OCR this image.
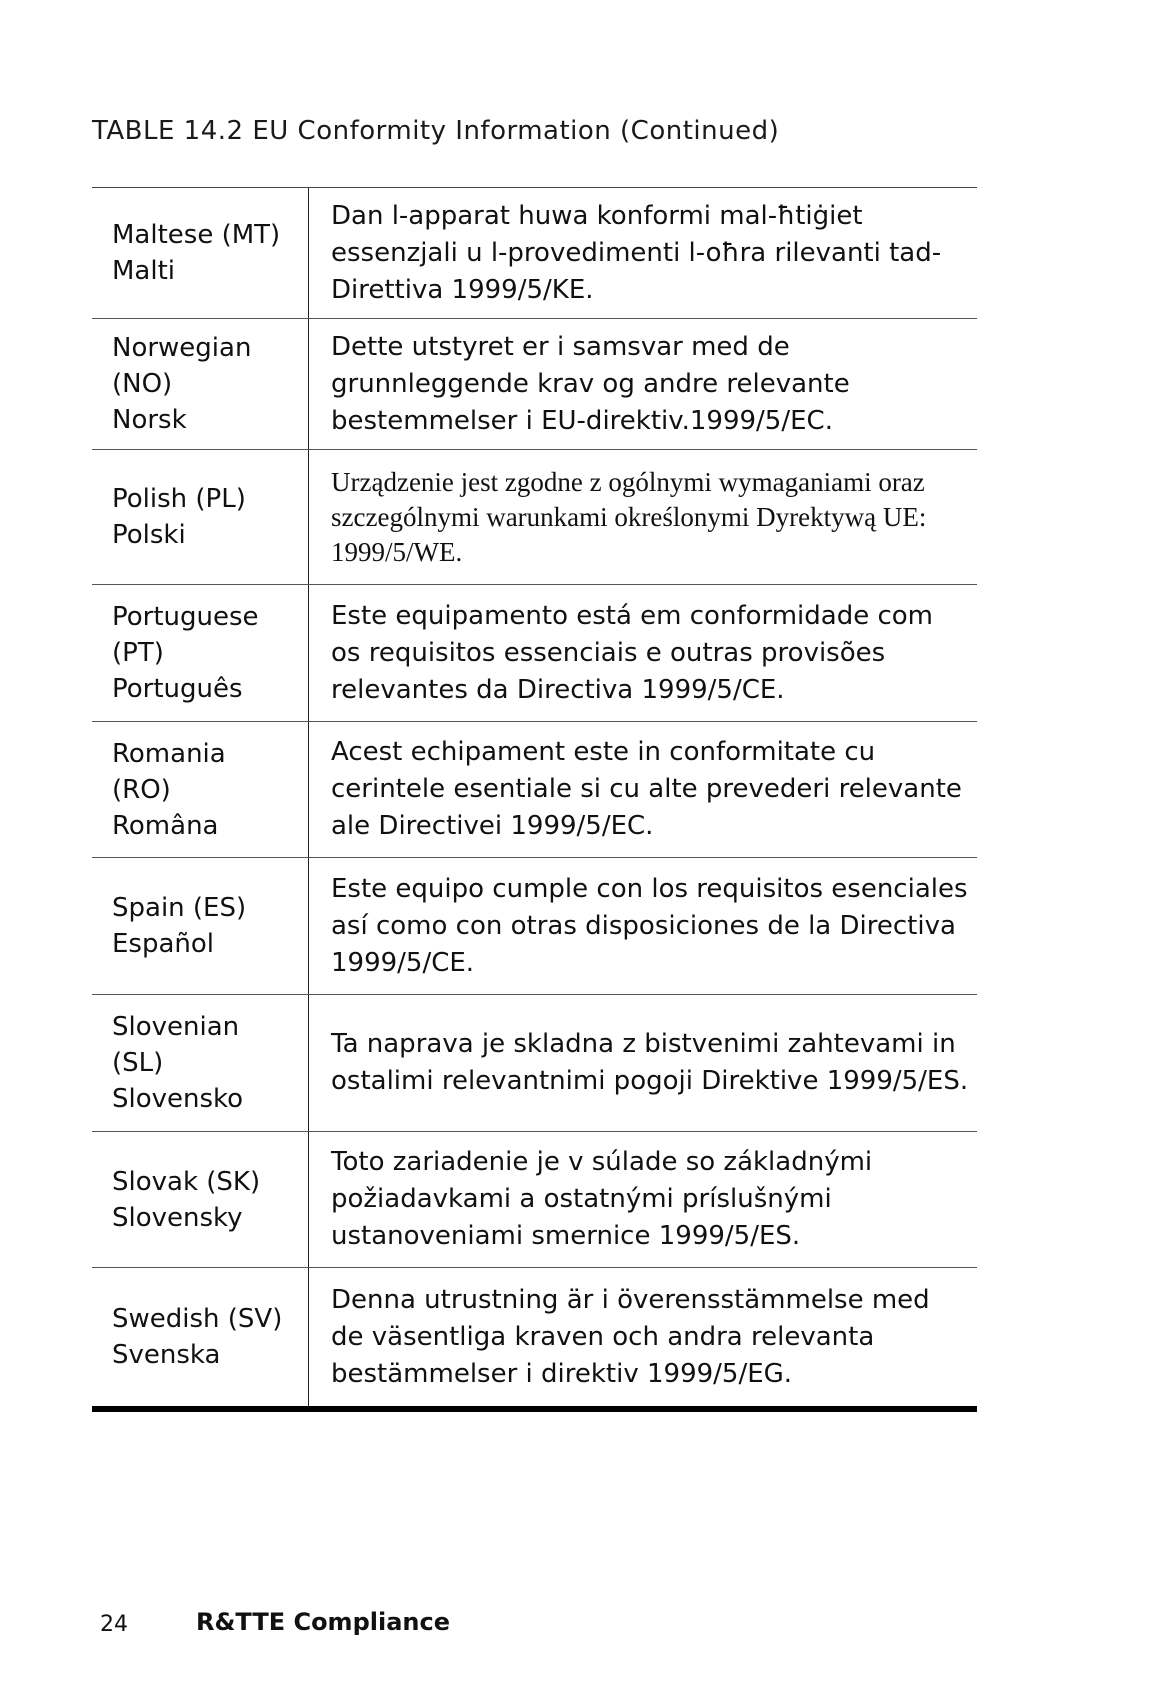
TABLE 14.2 EU Conformity Information (Continued)
Maltese (MT)
Malti
Dan l-apparat huwa konformi mal-ħtiġiet essenzjali u l-provedimenti l-oħra rilevanti tad-Direttiva 1999/5/KE.
Norwegian
(NO)
Norsk
Dette utstyret er i samsvar med de grunnleggende krav og andre relevante bestemmelser i EU-direktiv.1999/5/EC.
Polish (PL)
Polski
Urządzenie jest zgodne z ogólnymi wymaganiami oraz szczególnymi warunkami określonymi Dyrektywą UE: 1999/5/WE.
Portuguese
(PT)
Português
Este equipamento está em conformidade com os requisitos essenciais e outras provisões relevantes da Directiva 1999/5/CE.
Romania
(RO)
Româna
Acest echipament este in conformitate cu cerintele esentiale si cu alte prevederi relevante ale Directivei 1999/5/EC.
Spain (ES)
Español
Este equipo cumple con los requisitos esenciales así como con otras disposiciones de la Directiva 1999/5/CE.
Slovenian
(SL)
Slovensko
Ta naprava je skladna z bistvenimi zahtevami in ostalimi relevantnimi pogoji Direktive 1999/5/ES.
Slovak (SK)
Slovensky
Toto zariadenie je v súlade so základnými požiadavkami a ostatnými príslušnými ustanoveniami smernice 1999/5/ES.
Swedish (SV)
Svenska
Denna utrustning är i överensstämmelse med de väsentliga kraven och andra relevanta bestämmelser i direktiv 1999/5/EG.
24	R&TTE Compliance
